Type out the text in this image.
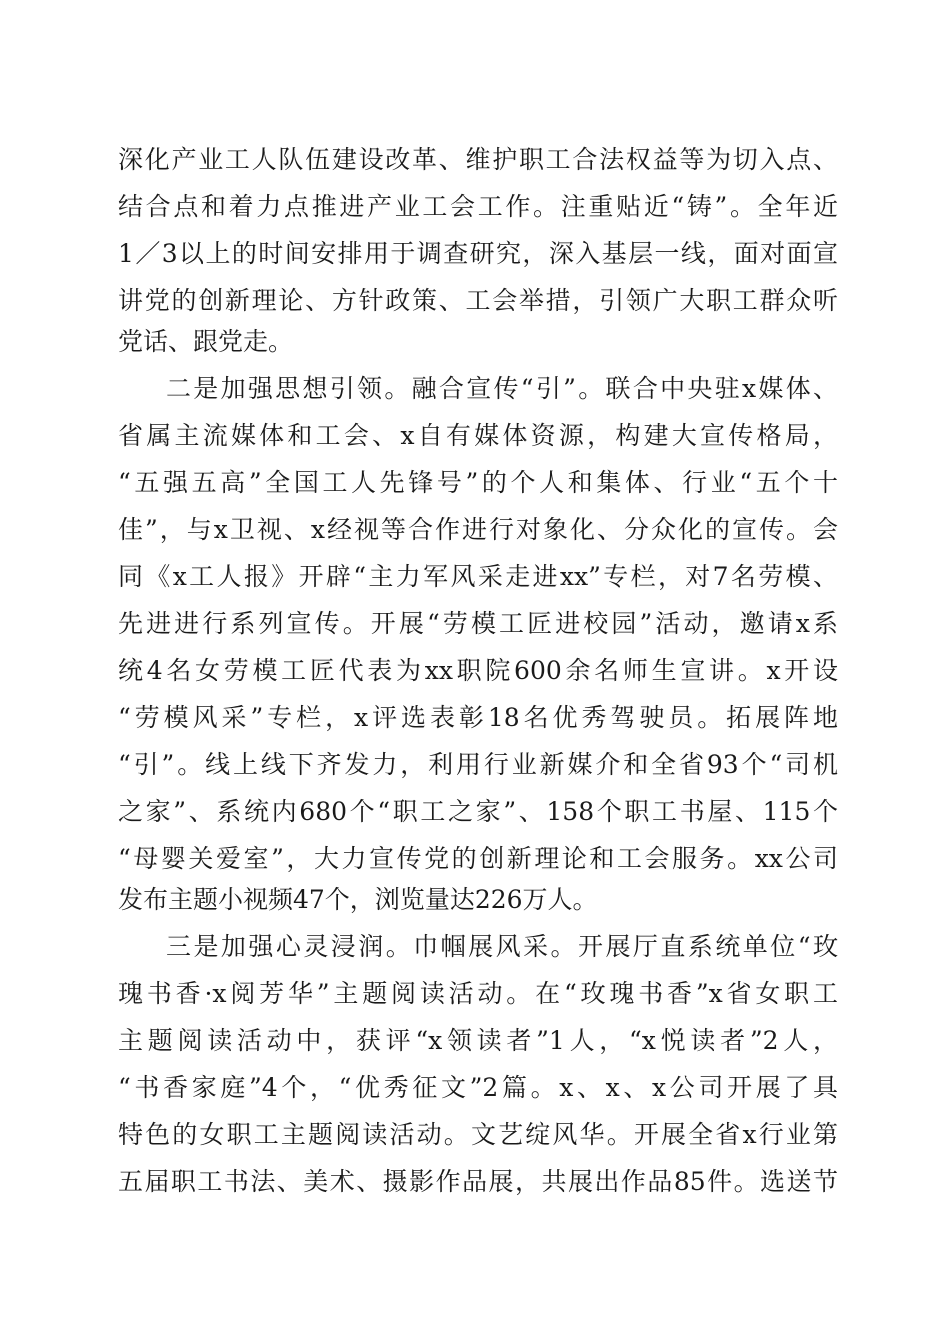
深化产业工人队伍建设改革、维护职工合法权益等为切入点、
结合点和着力点推进产业工会工作。注重贴近“铸”。全年近
1／3以上的时间安排用于调查研究，深入基层一线，面对面宣
讲党的创新理论、方针政策、工会举措，引领广大职工群众听
党话、跟党走。
二是加强思想引领。融合宣传“引”。联合中央驻x媒体、
省属主流媒体和工会、x自有媒体资源，构建大宣传格局，
“五强五高”全国工人先锋号”的个人和集体、行业“五个十
佳”，与x卫视、x经视等合作进行对象化、分众化的宣传。会
同《x工人报》开辟“主力军风采走进xx”专栏，对7名劳模、
先进进行系列宣传。开展“劳模工匠进校园”活动，邀请x系
统4名女劳模工匠代表为xx职院600余名师生宣讲。x开设
“劳模风采”专栏，x评选表彰18名优秀驾驶员。拓展阵地
“引”。线上线下齐发力，利用行业新媒介和全省93个“司机
之家”、系统内680个“职工之家”、158个职工书屋、115个
“母婴关爱室”，大力宣传党的创新理论和工会服务。xx公司
发布主题小视频47个，浏览量达226万人。
三是加强心灵浸润。巾帼展风采。开展厅直系统单位“玫
瑰书香·x阅芳华”主题阅读活动。在“玫瑰书香”x省女职工
主题阅读活动中，获评“x领读者”1人，“x悦读者”2人，
“书香家庭”4个，“优秀征文”2篇。x、x、x公司开展了具
特色的女职工主题阅读活动。文艺绽风华。开展全省x行业第
五届职工书法、美术、摄影作品展，共展出作品85件。选送节
